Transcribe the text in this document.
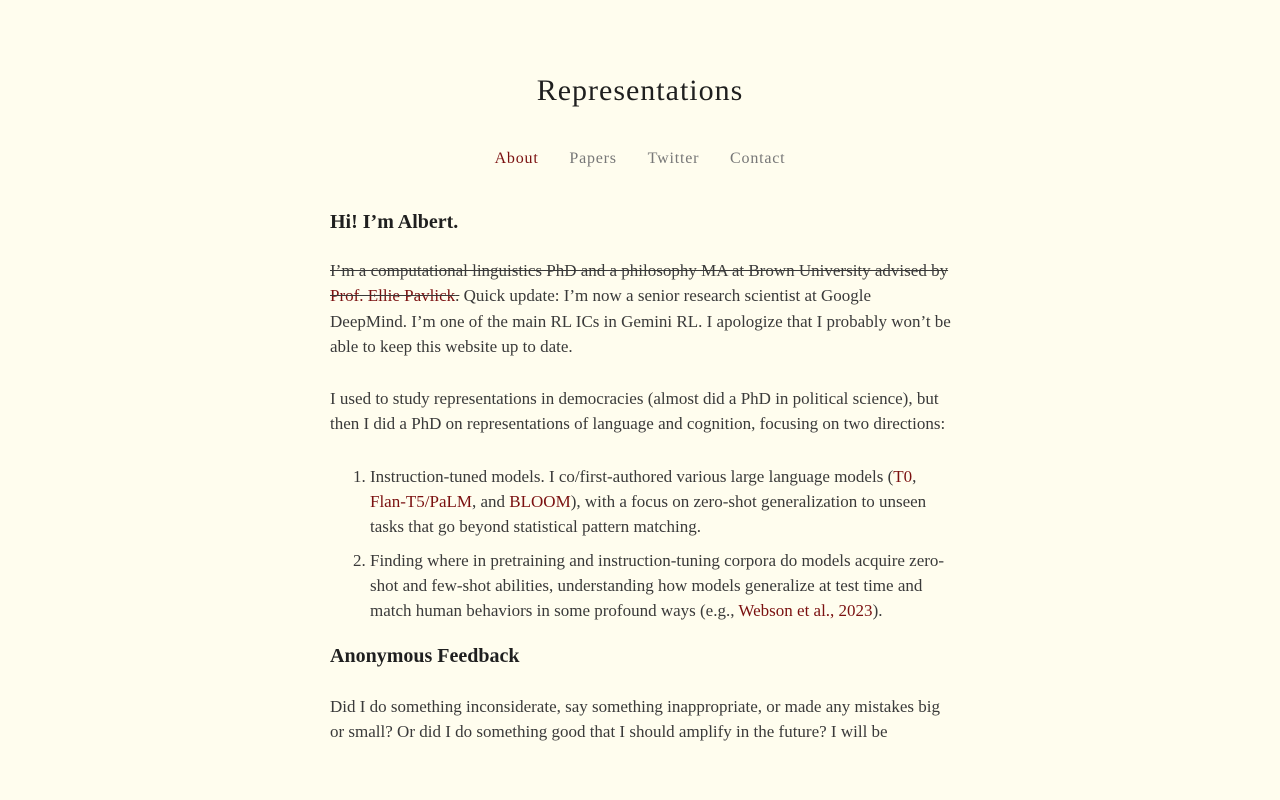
Representations
About Papers Twitter Contact
Hi! I’m Albert.

I’m a computational linguistics PhD and a philosophy MA at Brown University advised by Prof. Ellie Pavlick. Quick update: I’m now a senior research scientist at Google DeepMind. I’m one of the main RL ICs in Gemini RL. I apologize that I probably won’t be able to keep this website up to date.

I used to study representations in democracies (almost did a PhD in political science), but then I did a PhD on representations of language and cognition, focusing on two directions:

1. Instruction-tuned models. I co/first-authored various large language models (T0, Flan-T5/PaLM, and BLOOM), with a focus on zero-shot generalization to unseen tasks that go beyond statistical pattern matching.
2. Finding where in pretraining and instruction-tuning corpora do models acquire zero-shot and few-shot abilities, understanding how models generalize at test time and match human behaviors in some profound ways (e.g., Webson et al., 2023).
Anonymous Feedback

Did I do something inconsiderate, say something inappropriate, or made any mistakes big or small? Or did I do something good that I should amplify in the future? I will be
